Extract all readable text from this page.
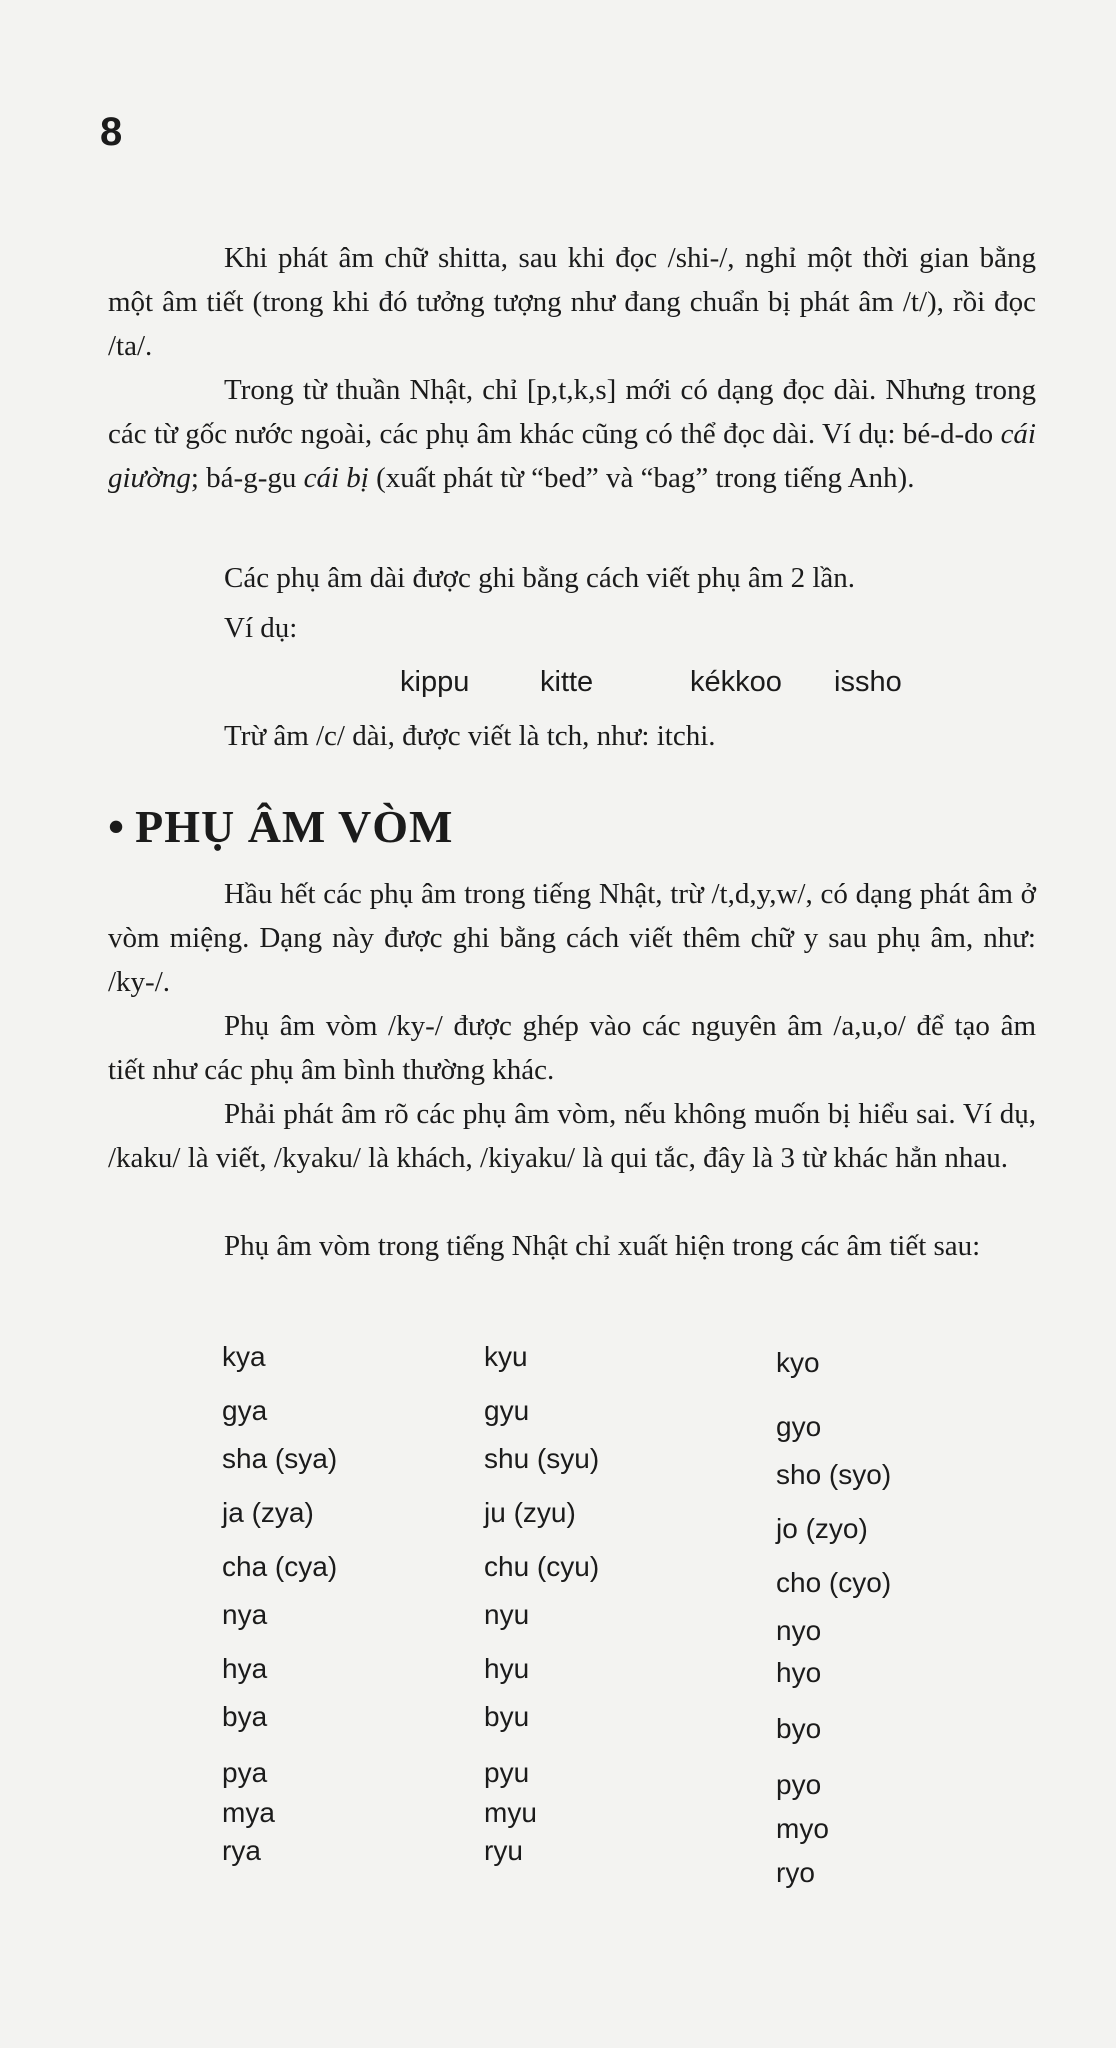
8

Khi phát âm chữ shitta, sau khi đọc /shi-/, nghỉ một thời gian bằng một âm tiết (trong khi đó tưởng tượng như đang chuẩn bị phát âm /t/), rồi đọc /ta/.

Trong từ thuần Nhật, chỉ [p,t,k,s] mới có dạng đọc dài. Nhưng trong các từ gốc nước ngoài, các phụ âm khác cũng có thể đọc dài. Ví dụ: bé-d-do cái giường; bá-g-gu cái bị (xuất phát từ “bed” và “bag” trong tiếng Anh).

Các phụ âm dài được ghi bằng cách viết phụ âm 2 lần.
Ví dụ:
kippu kitte	kékkoo issho
Trừ âm /c/ dài, được viết là tch, như: itchi.
• PHỤ ÂM VÒM

Hầu hết các phụ âm trong tiếng Nhật, trừ /t,d,y,w/, có dạng phát âm ở vòm miệng. Dạng này được ghi bằng cách viết thêm chữ y sau phụ âm, như: /ky-/.

Phụ âm vòm /ky-/ được ghép vào các nguyên âm /a,u,o/ để tạo âm tiết như các phụ âm bình thường khác.

Phải phát âm rõ các phụ âm vòm, nếu không muốn bị hiểu sai. Ví dụ, /kaku/ là viết, /kyaku/ là khách, /kiyaku/ là qui tắc, đây là 3 từ khác hẳn nhau.

Phụ âm vòm trong tiếng Nhật chỉ xuất hiện trong các âm tiết sau:

kya
gya
sha (sya)
ja (zya)
cha (cya)
nya
hya
bya
pya
mya
rya
kyu
gyu
shu (syu)
ju (zyu)
chu (cyu)
nyu
hyu
byu
pyu
myu
ryu
kyo
gyo
sho (syo)
jo (zyo)
cho (cyo)
nyo
hyo
byo
pyo
myo
ryo
